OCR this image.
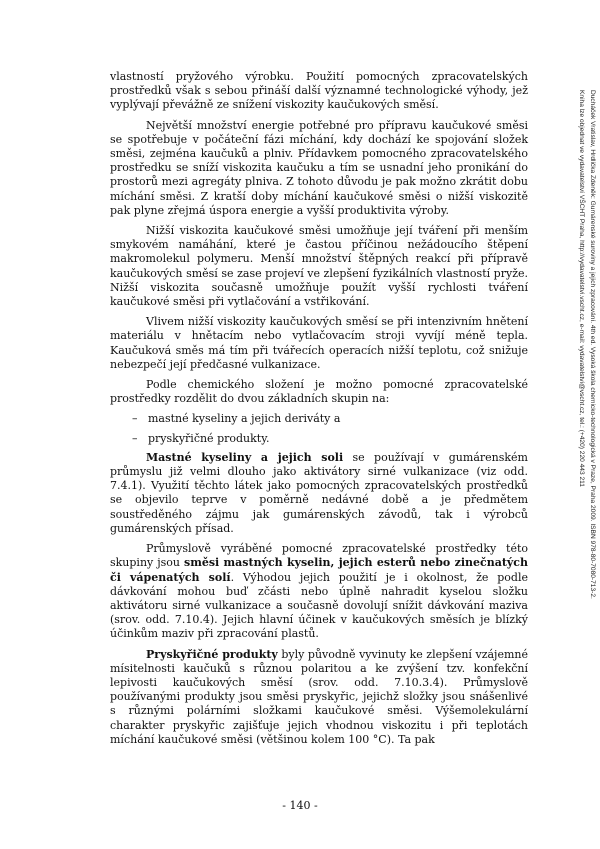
Ducháček Vratislav, Hrdlička Zdeněk: Gumárenské suroviny a jejich zpracování. 4th ed. Vysoká škola chemicko-technologická v Praze, Praha 2009. ISBN 978-80-7080-713-2.
Kniha lze objednat ve vydavatelství VŠCHT Praha, http://vydavatelstvi.vscht.cz, e-mail: vydavatelstvi@vscht.cz, tel.: (+420) 220 443 211

vlastností pryžového výrobku. Použití pomocných zpracovatelských prostředků však s sebou přináší další významné technologické výhody, jež vyplývají převážně ze snížení viskozity kaučukových směsí.

Největší množství energie potřebné pro přípravu kaučukové směsi se spotřebuje v počáteční fázi míchání, kdy dochází ke spojování složek směsi, zejména kaučuků a plniv. Přídavkem pomocného zpracovatelského prostředku se sníží viskozita kaučuku a tím se usnadní jeho pronikání do prostorů mezi agregáty plniva. Z tohoto důvodu je pak možno zkrátit dobu míchání směsi. Z kratší doby míchání kaučukové směsi o nižší viskozitě pak plyne zřejmá úspora energie a vyšší produktivita výroby.

Nižší viskozita kaučukové směsi umožňuje její tváření při menším smykovém namáhání, které je častou příčinou nežádoucího štěpení makromolekul polymeru. Menší množství štěpných reakcí při přípravě kaučukových směsí se zase projeví ve zlepšení fyzikálních vlastností pryže. Nižší viskozita současně umožňuje použít vyšší rychlosti tváření kaučukové směsi při vytlačování a vstřikování.

Vlivem nižší viskozity kaučukových směsí se při intenzivním hnětení materiálu v hnětacím nebo vytlačovacím stroji vyvíjí méně tepla. Kaučuková směs má tím při tvářecích operacích nižší teplotu, což snižuje nebezpečí její předčasné vulkanizace.

Podle chemického složení je možno pomocné zpracovatelské prostředky rozdělit do dvou základních skupin na:

– mastné kyseliny a jejich deriváty a
– pryskyřičné produkty.

Mastné kyseliny a jejich soli se používají v gumárenském průmyslu již velmi dlouho jako aktivátory sirné vulkanizace (viz odd. 7.4.1). Využití těchto látek jako pomocných zpracovatelských prostředků se objevilo teprve v poměrně nedávné době a je předmětem soustředěného zájmu jak gumárenských závodů, tak i výrobců gumárenských přísad.

Průmyslově vyráběné pomocné zpracovatelské prostředky této skupiny jsou směsi mastných kyselin, jejich esterů nebo zinečnatých či vápenatých solí. Výhodou jejich použití je i okolnost, že podle dávkování mohou buď zčásti nebo úplně nahradit kyselou složku aktivátoru sirné vulkanizace a současně dovolují snížit dávkování maziva (srov. odd. 7.10.4). Jejich hlavní účinek v kaučukových směsích je blízký účinkům maziv při zpracování plastů.

Pryskyřičné produkty byly původně vyvinuty ke zlepšení vzájemné mísitelnosti kaučuků s různou polaritou a ke zvýšení tzv. konfekční lepivosti kaučukových směsí (srov. odd. 7.10.3.4). Průmyslově používanými produkty jsou směsi pryskyřic, jejichž složky jsou snášenlivé s různými polárními složkami kaučukové směsi. Výšemolekulární charakter pryskyřic zajišťuje jejich vhodnou viskozitu i při teplotách míchání kaučukové směsi (většinou kolem 100 °C). Ta pak

- 140 -
